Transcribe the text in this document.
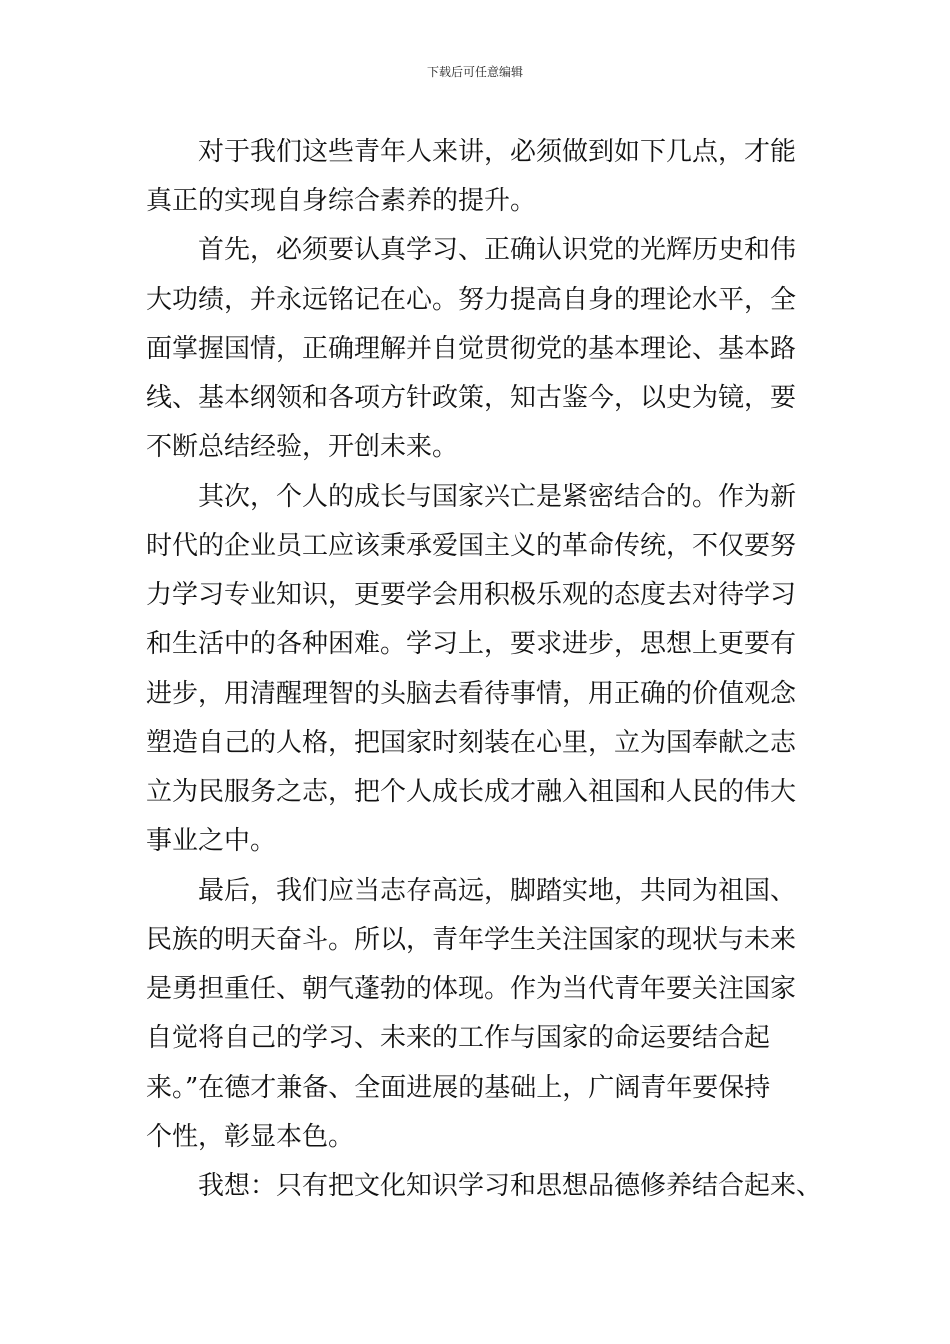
下载后可任意编辑
　　对于我们这些青年人来讲，必须做到如下几点，才能
真正的实现自身综合素养的提升。
　　首先，必须要认真学习、正确认识党的光辉历史和伟
大功绩，并永远铭记在心。努力提高自身的理论水平，全
面掌握国情，正确理解并自觉贯彻党的基本理论、基本路
线、基本纲领和各项方针政策，知古鉴今，以史为镜，要
不断总结经验，开创未来。
　　其次，个人的成长与国家兴亡是紧密结合的。作为新
时代的企业员工应该秉承爱国主义的革命传统，不仅要努
力学习专业知识，更要学会用积极乐观的态度去对待学习
和生活中的各种困难。学习上，要求进步，思想上更要有
进步，用清醒理智的头脑去看待事情，用正确的价值观念
塑造自己的人格，把国家时刻装在心里，立为国奉献之志
立为民服务之志，把个人成长成才融入祖国和人民的伟大
事业之中。
　　最后，我们应当志存高远，脚踏实地，共同为祖国、
民族的明天奋斗。所以，青年学生关注国家的现状与未来
是勇担重任、朝气蓬勃的体现。作为当代青年要关注国家
自觉将自己的学习、未来的工作与国家的命运要结合起
来。”在德才兼备、全面进展的基础上，广阔青年要保持
个性，彰显本色。
　　我想：只有把文化知识学习和思想品德修养结合起来、
